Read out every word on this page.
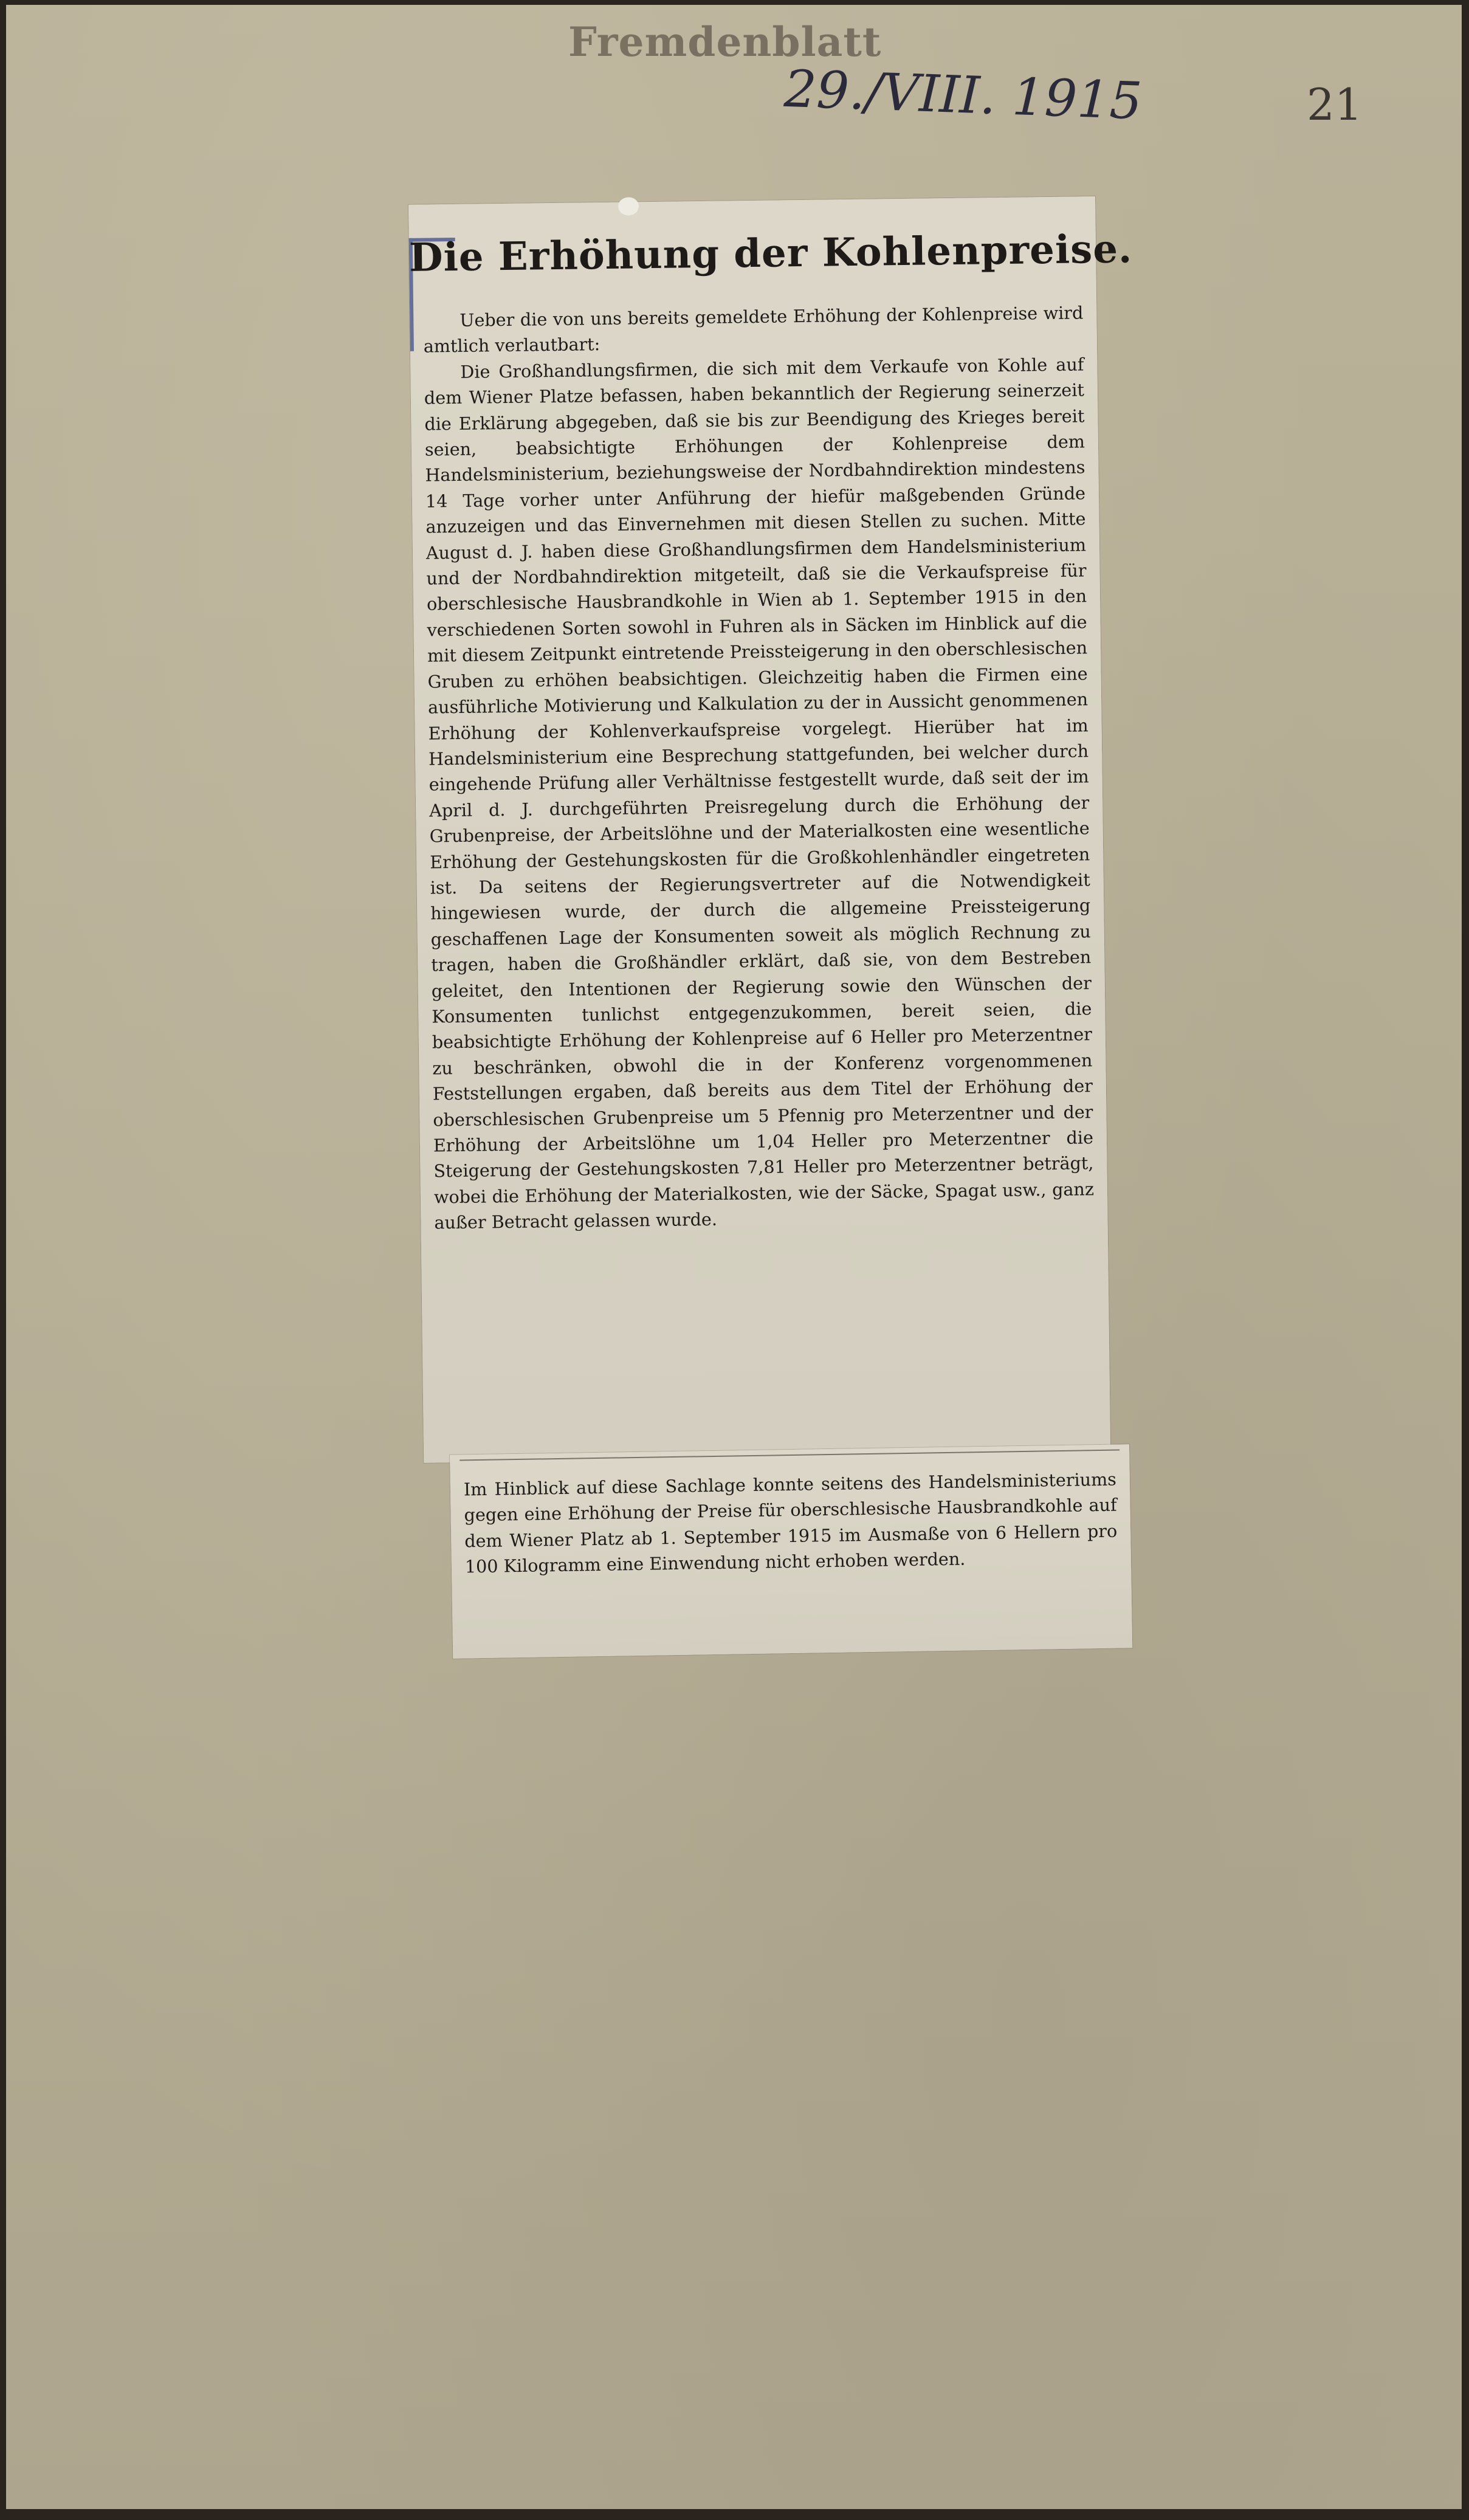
Fremdenblatt
29./VIII. 1915	21
Die Erhöhung der Kohlenpreise.

Ueber die von uns bereits gemeldete Erhöhung der Kohlenpreise wird amtlich verlautbart:

Die Großhandlungsfirmen, die sich mit dem Verkaufe von Kohle auf dem Wiener Platze befassen, haben bekanntlich der Regierung seinerzeit die Erklärung abgegeben, daß sie bis zur Beendigung des Krieges bereit seien, beabsichtigte Erhöhungen der Kohlenpreise dem Handelsministerium, beziehungsweise der Nordbahndirektion mindestens 14 Tage vorher unter Anführung der hiefür maßgebenden Gründe anzuzeigen und das Einvernehmen mit diesen Stellen zu suchen. Mitte August d. J. haben diese Großhandlungsfirmen dem Handelsministerium und der Nordbahndirektion mitgeteilt, daß sie die Verkaufspreise für oberschlesische Hausbrandkohle in Wien ab 1. September 1915 in den verschiedenen Sorten sowohl in Fuhren als in Säcken im Hinblick auf die mit diesem Zeitpunkt eintretende Preissteigerung in den oberschlesischen Gruben zu erhöhen beabsichtigen. Gleichzeitig haben die Firmen eine ausführliche Motivierung und Kalkulation zu der in Aussicht genommenen Erhöhung der Kohlenverkaufspreise vorgelegt. Hierüber hat im Handelsministerium eine Besprechung stattgefunden, bei welcher durch eingehende Prüfung aller Verhältnisse festgestellt wurde, daß seit der im April d. J. durchgeführten Preisregelung durch die Erhöhung der Grubenpreise, der Arbeitslöhne und der Materialkosten eine wesentliche Erhöhung der Gestehungskosten für die Großkohlenhändler eingetreten ist. Da seitens der Regierungsvertreter auf die Notwendigkeit hingewiesen wurde, der durch die allgemeine Preissteigerung geschaffenen Lage der Konsumenten soweit als möglich Rechnung zu tragen, haben die Großhändler erklärt, daß sie, von dem Bestreben geleitet, den Intentionen der Regierung sowie den Wünschen der Konsumenten tunlichst entgegenzukommen, bereit seien, die beabsichtigte Erhöhung der Kohlenpreise auf 6 Heller pro Meterzentner zu beschränken, obwohl die in der Konferenz vorgenommenen Feststellungen ergaben, daß bereits aus dem Titel der Erhöhung der oberschlesischen Grubenpreise um 5 Pfennig pro Meterzentner und der Erhöhung der Arbeitslöhne um 1,04 Heller pro Meterzentner die Steigerung der Gestehungskosten 7,81 Heller pro Meterzentner beträgt, wobei die Erhöhung der Materialkosten, wie der Säcke, Spagat usw., ganz außer Betracht gelassen wurde.

Im Hinblick auf diese Sachlage konnte seitens des Handelsministeriums gegen eine Erhöhung der Preise für oberschlesische Hausbrandkohle auf dem Wiener Platz ab 1. September 1915 im Ausmaße von 6 Hellern pro 100 Kilogramm eine Einwendung nicht erhoben werden.
